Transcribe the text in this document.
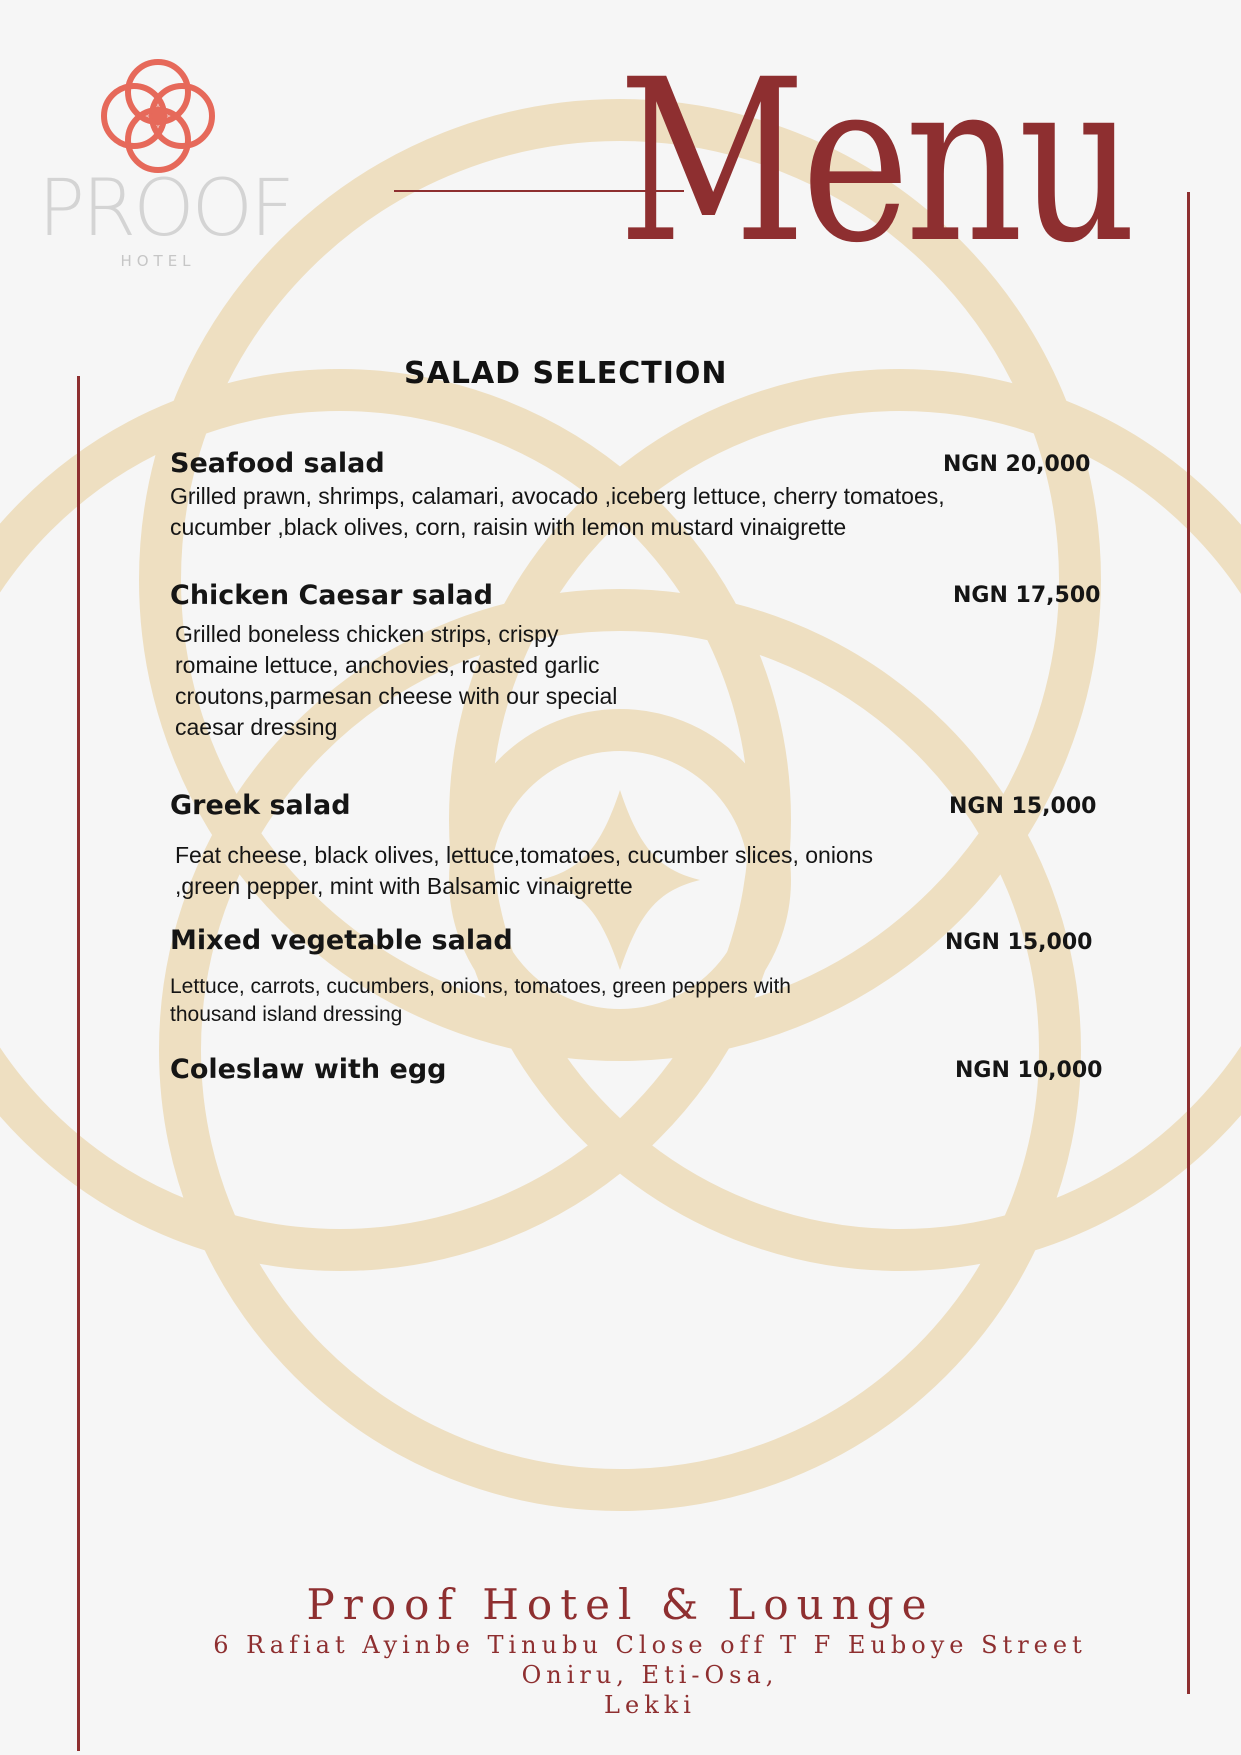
PROOF
HOTEL	Menu
SALAD SELECTION
Seafood salad	NGN 20,000
Grilled prawn, shrimps, calamari, avocado ,iceberg lettuce, cherry tomatoes,
cucumber ,black olives, corn, raisin with lemon mustard vinaigrette
Chicken Caesar salad	NGN 17,500
Grilled boneless chicken strips, crispy
romaine lettuce, anchovies, roasted garlic
croutons,parmesan cheese with our special
caesar dressing
Greek salad	NGN 15,000
Feat cheese, black olives, lettuce,tomatoes, cucumber slices, onions
,green pepper, mint with Balsamic vinaigrette
Mixed vegetable salad	NGN 15,000
Lettuce, carrots, cucumbers, onions, tomatoes, green peppers with
thousand island dressing
Coleslaw with egg	NGN 10,000
Proof Hotel & Lounge
6 Rafiat Ayinbe Tinubu Close off T F Euboye Street Oniru, Eti-Osa,
Lekki
